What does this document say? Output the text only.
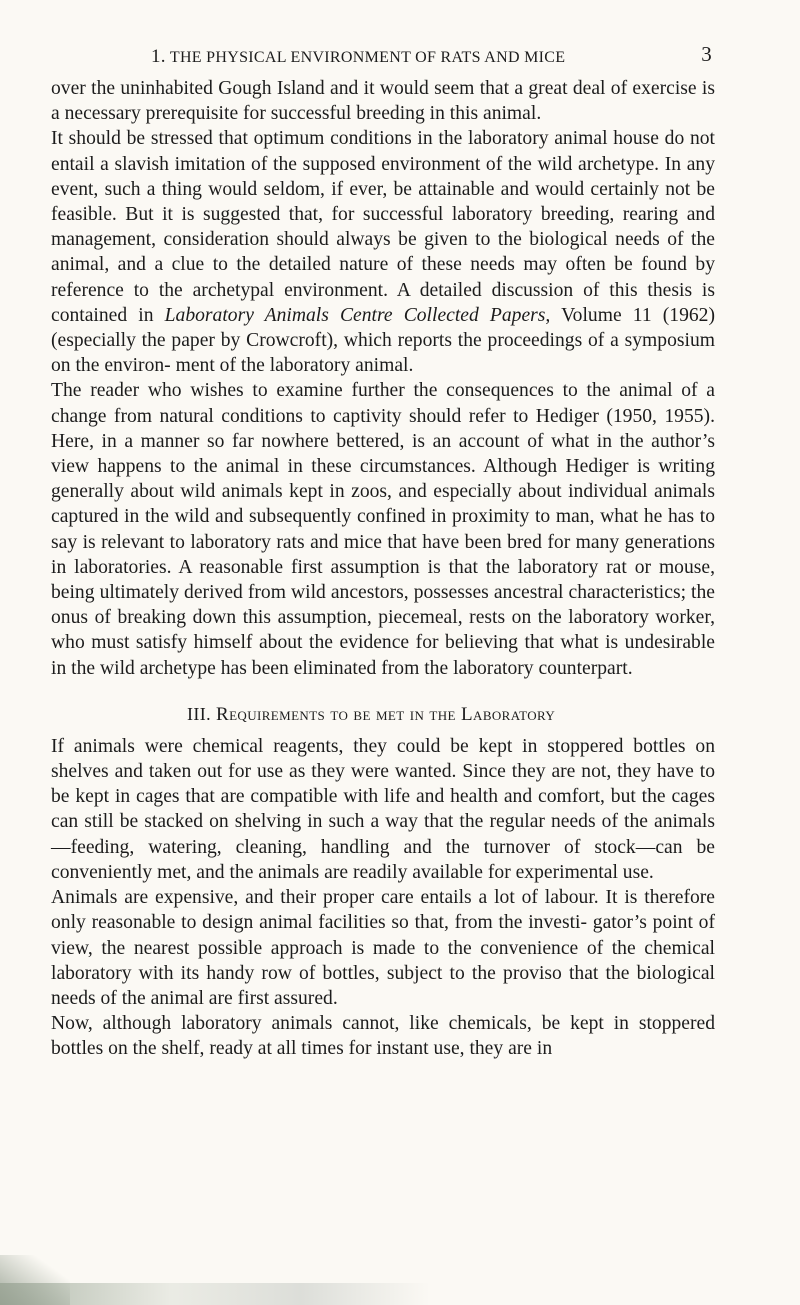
1. THE PHYSICAL ENVIRONMENT OF RATS AND MICE	3

over the uninhabited Gough Island and it would seem that a great deal of exercise is a necessary prerequisite for successful breeding in this animal.

It should be stressed that optimum conditions in the laboratory animal house do not entail a slavish imitation of the supposed environment of the wild archetype. In any event, such a thing would seldom, if ever, be attainable and would certainly not be feasible. But it is suggested that, for successful laboratory breeding, rearing and management, consideration should always be given to the biological needs of the animal, and a clue to the detailed nature of these needs may often be found by reference to the archetypal environment. A detailed discussion of this thesis is contained in Laboratory Animals Centre Collected Papers, Volume 11 (1962) (especially the paper by Crowcroft), which reports the proceedings of a symposium on the environ- ment of the laboratory animal.

The reader who wishes to examine further the consequences to the animal of a change from natural conditions to captivity should refer to Hediger (1950, 1955). Here, in a manner so far nowhere bettered, is an account of what in the author’s view happens to the animal in these circumstances. Although Hediger is writing generally about wild animals kept in zoos, and especially about individual animals captured in the wild and subsequently confined in proximity to man, what he has to say is relevant to laboratory rats and mice that have been bred for many generations in laboratories. A reasonable first assumption is that the laboratory rat or mouse, being ultimately derived from wild ancestors, possesses ancestral characteristics; the onus of breaking down this assumption, piecemeal, rests on the laboratory worker, who must satisfy himself about the evidence for believing that what is undesirable in the wild archetype has been eliminated from the laboratory counterpart.

III. Requirements to be met in the Laboratory

If animals were chemical reagents, they could be kept in stoppered bottles on shelves and taken out for use as they were wanted. Since they are not, they have to be kept in cages that are compatible with life and health and comfort, but the cages can still be stacked on shelving in such a way that the regular needs of the animals—feeding, watering, cleaning, handling and the turnover of stock—can be conveniently met, and the animals are readily available for experimental use.

Animals are expensive, and their proper care entails a lot of labour. It is therefore only reasonable to design animal facilities so that, from the investi- gator’s point of view, the nearest possible approach is made to the convenience of the chemical laboratory with its handy row of bottles, subject to the proviso that the biological needs of the animal are first assured.

Now, although laboratory animals cannot, like chemicals, be kept in stoppered bottles on the shelf, ready at all times for instant use, they are in
